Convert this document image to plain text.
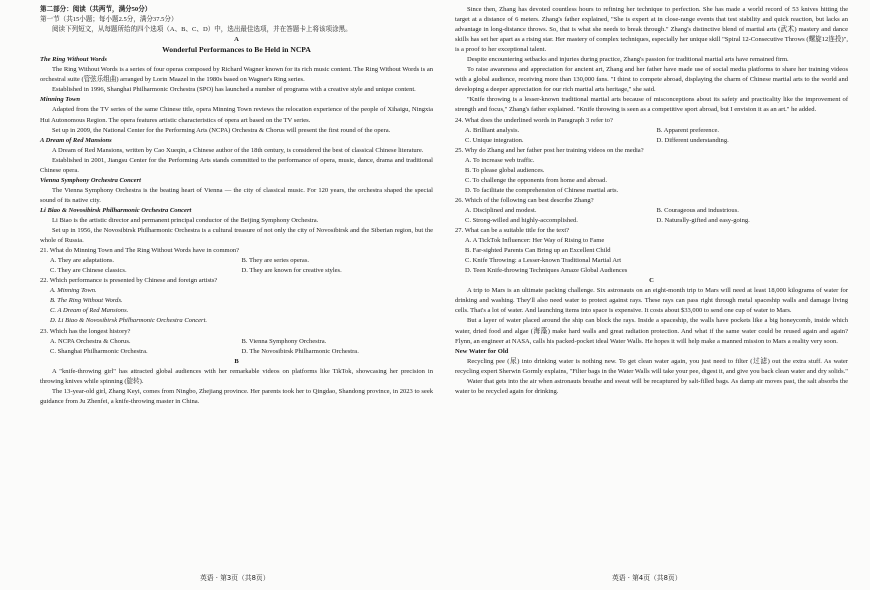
第二部分：阅读（共两节，满分50分）

第一节（共15小题；每小题2.5分，满分37.5分）

阅读下列短文，从每题所给的四个选项（A、B、C、D）中，选出最佳选项，并在答题卡上将该项涂黑。

A

Wonderful Performances to Be Held in NCPA

The Ring Without Words

The Ring Without Words is a series of four operas composed by Richard Wagner known for its rich music content. The Ring Without Words is an orchestral suite (管弦乐组曲) arranged by Lorin Maazel in the 1980s based on Wagner's Ring series.

Established in 1996, Shanghai Philharmonic Orchestra (SPO) has launched a number of programs with a creative style and unique content.

Minning Town

Adapted from the TV series of the same Chinese title, opera Minning Town reviews the relocation experience of the people of Xihaigu, Ningxia Hui Autonomous Region. The opera features artistic characteristics of opera art based on the TV series.

Set up in 2009, the National Center for the Performing Arts (NCPA) Orchestra & Chorus will present the first round of the opera.

A Dream of Red Mansions

A Dream of Red Mansions, written by Cao Xueqin, a Chinese author of the 18th century, is considered the best of classical Chinese literature.

Established in 2001, Jiangsu Center for the Performing Arts stands committed to the performance of opera, music, dance, drama and traditional Chinese opera.

Vienna Symphony Orchestra Concert

The Vienna Symphony Orchestra is the beating heart of Vienna — the city of classical music. For 120 years, the orchestra shaped the special sound of its native city.

Li Biao & Novosibirsk Philharmonic Orchestra Concert

Li Biao is the artistic director and permanent principal conductor of the Beijing Symphony Orchestra.

Set up in 1956, the Novosibirsk Philharmonic Orchestra is a cultural treasure of not only the city of Novosibirsk and the Siberian region, but the whole of Russia.

21. What do Minning Town and The Ring Without Words have in common?

A. They are adaptations.	B. They are series operas.
C. They are Chinese classics.	D. They are known for creative styles.

22. Which performance is presented by Chinese and foreign artists?

A. Minning Town.

B. The Ring Without Words.

C. A Dream of Red Mansions.

D. Li Biao & Novosibirsk Philharmonic Orchestra Concert.

23. Which has the longest history?

A. NCPA Orchestra & Chorus.	B. Vienna Symphony Orchestra.
C. Shanghai Philharmonic Orchestra.	D. The Novosibirsk Philharmonic Orchestra.

B

A "knife-throwing girl" has attracted global audiences with her remarkable videos on platforms like TikTok, showcasing her precision in throwing knives while spinning (旋转).

The 13-year-old girl, Zhang Keyi, comes from Ningbo, Zhejiang province. Her parents took her to Qingdao, Shandong province, in 2023 to seek guidance from Ju Zhenfei, a knife-throwing master in China.

Since then, Zhang has devoted countless hours to refining her technique to perfection. She has made a world record of 53 knives hitting the target at a distance of 6 meters. Zhang's father explained, "She is expert at in close-range events that test stability and quick reaction, but lacks an advantage in long-distance throws. So, that is what she needs to break through." Zhang's distinctive blend of martial arts (武术) mastery and dance skills has set her apart as a rising star. Her mastery of complex techniques, especially her unique skill "Spiral 12-Consecutive Throws (螺旋12连投)", is a proof to her exceptional talent.

Despite encountering setbacks and injuries during practice, Zhang's passion for traditional martial arts have remained firm.

To raise awareness and appreciation for ancient art, Zhang and her father have made use of social media platforms to share her training videos with a global audience, receiving more than 130,000 fans. "I thirst to compete abroad, displaying the charm of Chinese martial arts to the world and developing a deeper appreciation for our rich martial arts heritage," she said.

"Knife throwing is a lesser-known traditional martial arts because of misconceptions about its safety and practicality like the improvement of strength and focus," Zhang's father explained. "Knife throwing is seen as a competitive sport abroad, but I envision it as an art." he added.

24. What does the underlined words in Paragraph 3 refer to?

A. Brilliant analysis.	B. Apparent preference.
C. Unique integration.	D. Different understanding.

25. Why do Zhang and her father post her training videos on the media?

A. To increase web traffic.

B. To please global audiences.

C. To challenge the opponents from home and abroad.

D. To facilitate the comprehension of Chinese martial arts.

26. Which of the following can best describe Zhang?

A. Disciplined and modest.	B. Courageous and industrious.
C. Strong-willed and highly-accomplished.	D. Naturally-gifted and easy-going.

27. What can be a suitable title for the text?

A. A TickTok Influencer: Her Way of Rising to Fame

B. Far-sighted Parents Can Bring up an Excellent Child

C. Knife Throwing: a Lesser-known Traditional Martial Art

D. Teen Knife-throwing Techniques Amaze Global Audiences

C

A trip to Mars is an ultimate packing challenge. Six astronauts on an eight-month trip to Mars will need at least 18,000 kilograms of water for drinking and washing. They'll also need water to protect against rays. These rays can pass right through metal spaceship walls and damage living cells. That's a lot of water. And launching items into space is expensive. It costs about $33,000 to send one cup of water to Mars.

But a layer of water placed around the ship can block the rays. Inside a spaceship, the walls have pockets like a big honeycomb, inside which water, dried food and algae (海藻) make hard walls and great radiation protection. And what if the same water could be reused again and again? Flynn, an engineer at NASA, calls his packed-pocket ideal Water Walls. He hopes it will help make a manned mission to Mars a reality very soon.

New Water for Old

Recycling pee (尿) into drinking water is nothing new. To get clean water again, you just need to filter (过滤) out the extra stuff. As water recycling expert Sherwin Gormly explains, "Filter bags in the Water Walls will take your pee, digest it, and give you back clean water and dry solids."

Water that gets into the air when astronauts breathe and sweat will be recaptured by salt-filled bags. As damp air moves past, the salt absorbs the water to be recycled again for drinking.

英语 · 第3页（共8页）	英语 · 第4页（共8页）
